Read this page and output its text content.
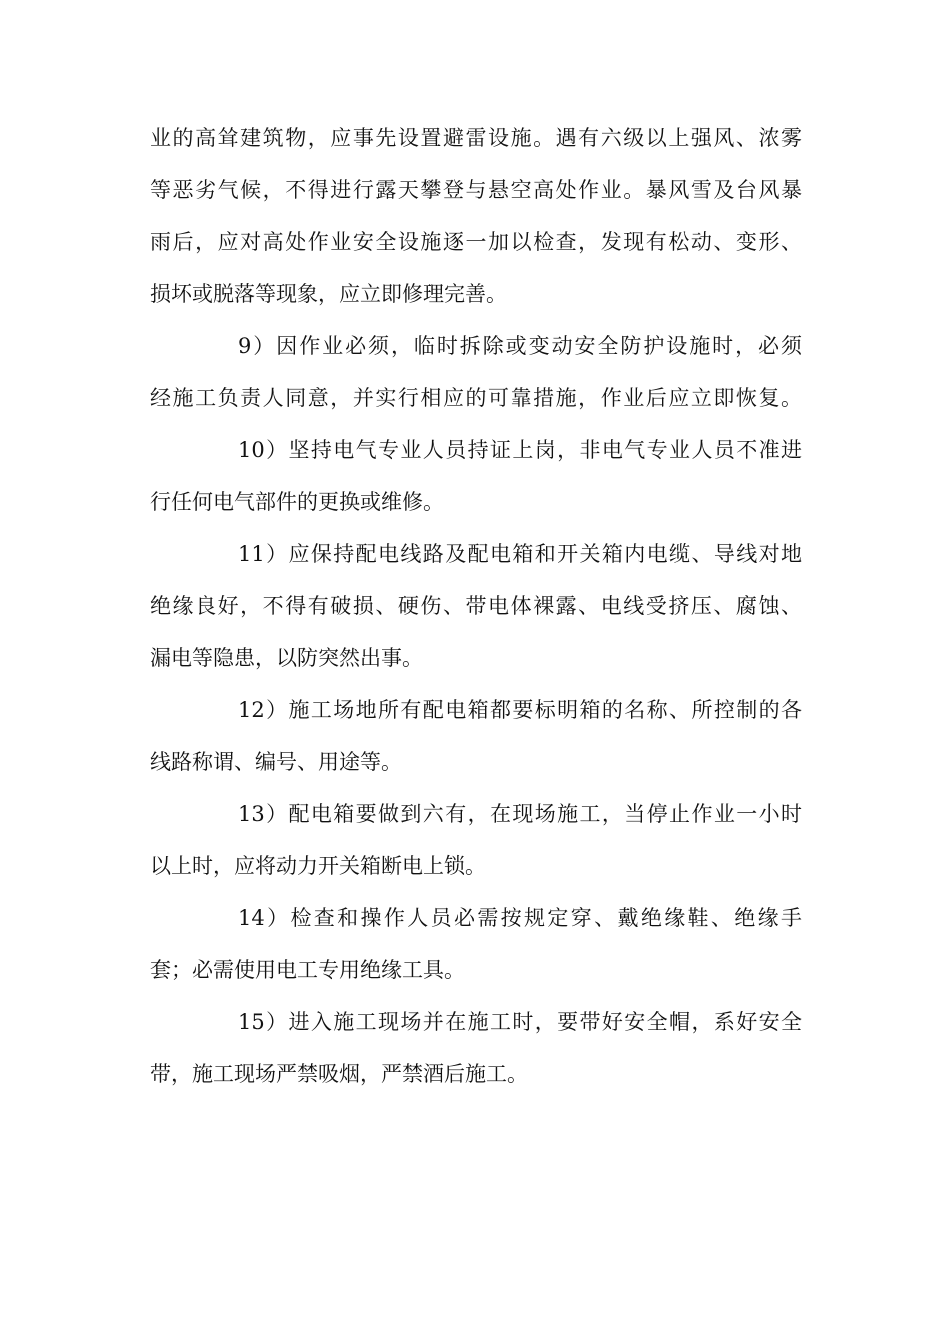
业的高耸建筑物，应事先设置避雷设施。遇有六级以上强风、浓雾
等恶劣气候，不得进行露天攀登与悬空高处作业。暴风雪及台风暴
雨后，应对高处作业安全设施逐一加以检查，发现有松动、变形、
损坏或脱落等现象，应立即修理完善。
9）因作业必须，临时拆除或变动安全防护设施时，必须
经施工负责人同意，并实行相应的可靠措施，作业后应立即恢复。
10）坚持电气专业人员持证上岗，非电气专业人员不准进
行任何电气部件的更换或维修。
11）应保持配电线路及配电箱和开关箱内电缆、导线对地
绝缘良好，不得有破损、硬伤、带电体裸露、电线受挤压、腐蚀、
漏电等隐患，以防突然出事。
12）施工场地所有配电箱都要标明箱的名称、所控制的各
线路称谓、编号、用途等。
13）配电箱要做到六有，在现场施工，当停止作业一小时
以上时，应将动力开关箱断电上锁。
14）检查和操作人员必需按规定穿、戴绝缘鞋、绝缘手
套；必需使用电工专用绝缘工具。
15）进入施工现场并在施工时，要带好安全帽，系好安全
带，施工现场严禁吸烟，严禁酒后施工。
